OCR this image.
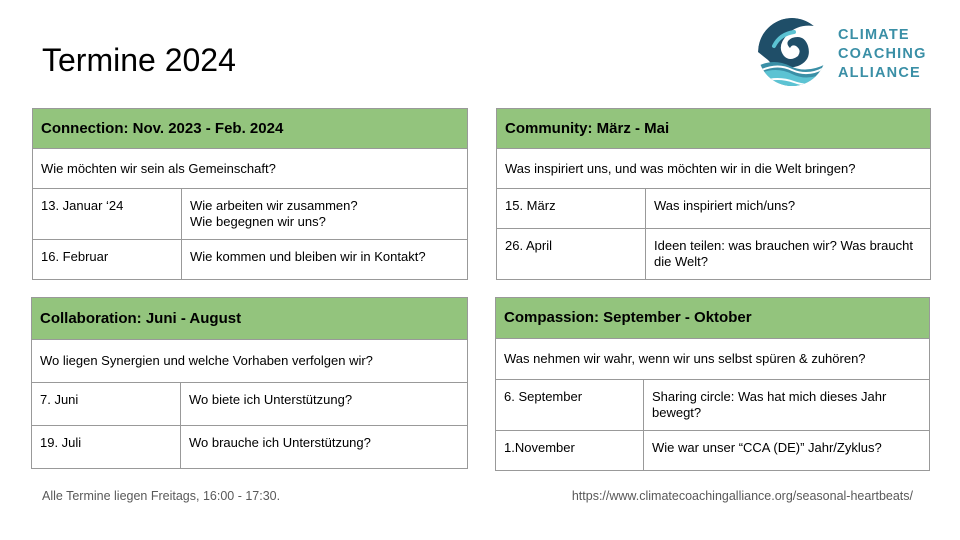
Termine 2024
CLIMATE
COACHING
ALLIANCE
Connection: Nov. 2023 - Feb. 2024	
Wie möchten wir sein als Gemeinschaft?	
13. Januar ‘24	Wie arbeiten wir zusammen?
Wie begegnen wir uns?

16. Februar	Wie kommen und bleiben wir in Kontakt?
Community: März - Mai	
Was inspiriert uns, und was möchten wir in die Welt bringen?	
15. März	Was inspiriert mich/uns?

26. April	Ideen teilen: was brauchen wir? Was braucht
die Welt?
Collaboration: Juni - August	
Wo liegen Synergien und welche Vorhaben verfolgen wir?	
7. Juni	Wo biete ich Unterstützung?

19. Juli	Wo brauche ich Unterstützung?
Compassion: September - Oktober	
Was nehmen wir wahr, wenn wir uns selbst spüren & zuhören?	
6. September	Sharing circle: Was hat mich dieses Jahr
bewegt?

1.November	Wie war unser “CCA (DE)” Jahr/Zyklus?
Alle Termine liegen Freitags, 16:00 - 17:30.	https://www.climatecoachingalliance.org/seasonal-heartbeats/
